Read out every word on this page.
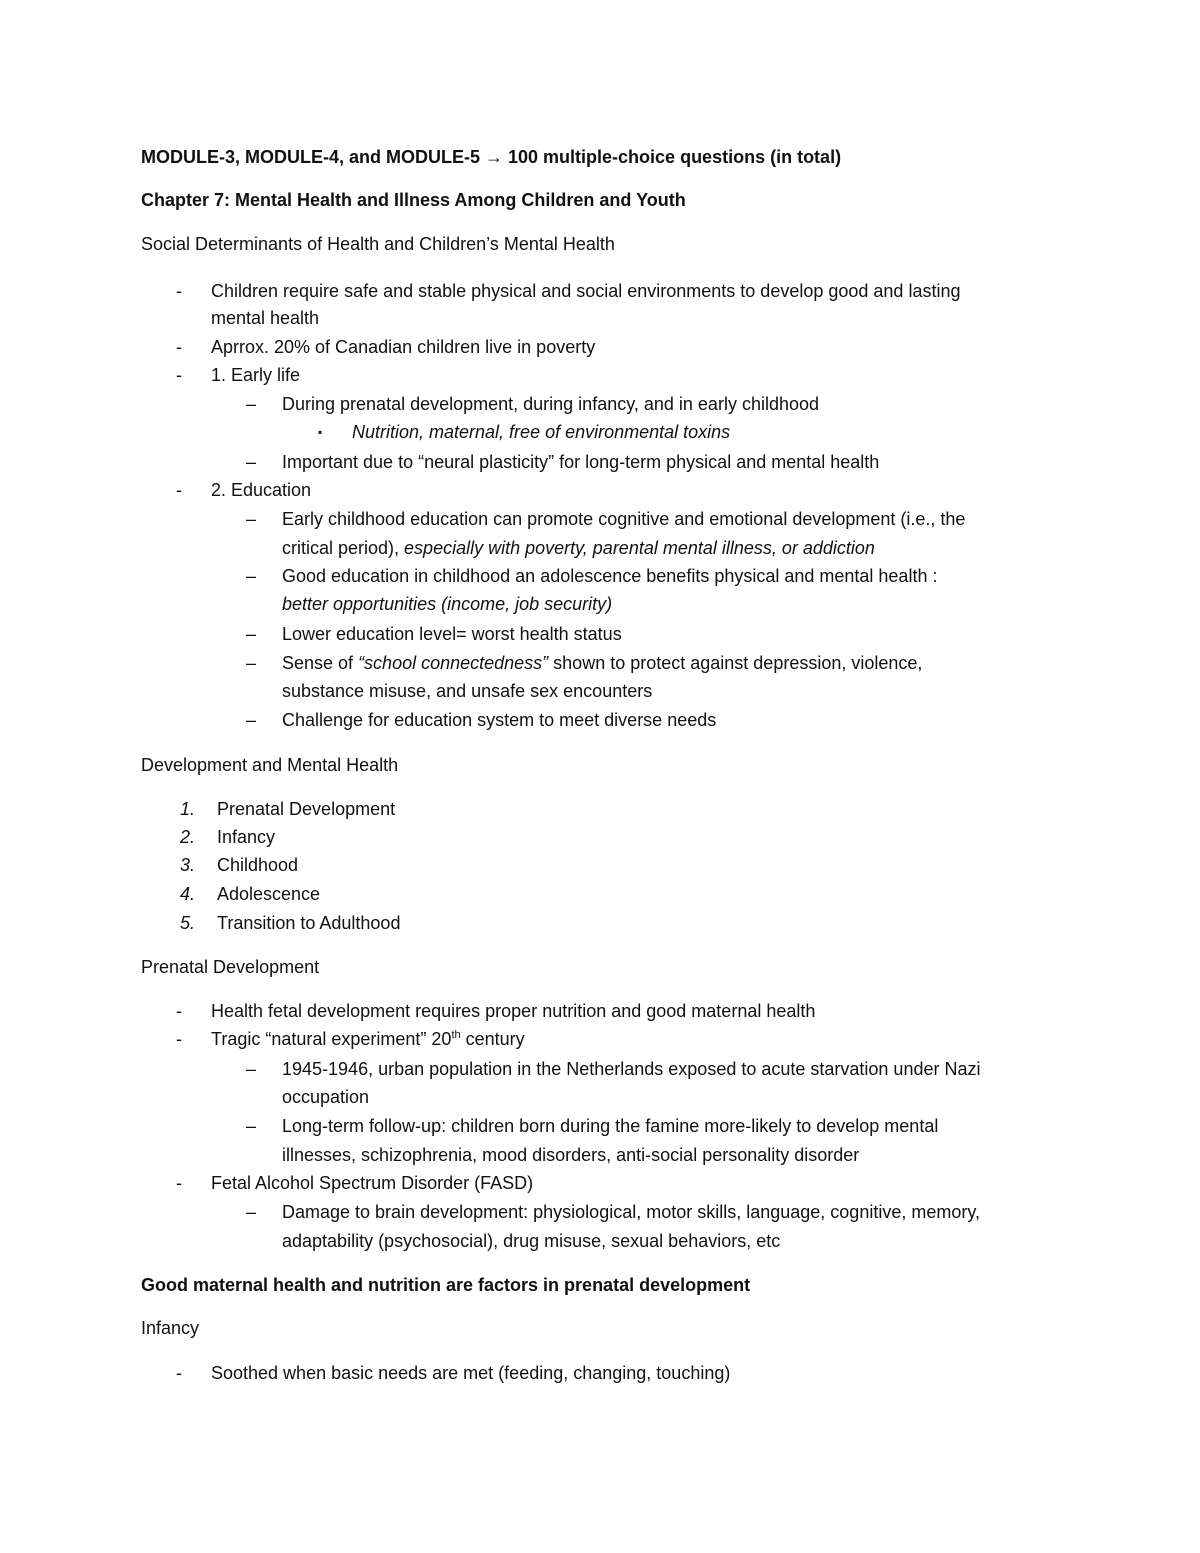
MODULE-3, MODULE-4, and MODULE-5 → 100 multiple-choice questions (in total)
Chapter 7: Mental Health and Illness Among Children and Youth
Social Determinants of Health and Children’s Mental Health
- Children require safe and stable physical and social environments to develop good and lasting
mental health
- Aprrox. 20% of Canadian children live in poverty
- 1. Early life
– During prenatal development, during infancy, and in early childhood
▪ Nutrition, maternal, free of environmental toxins
– Important due to “neural plasticity” for long-term physical and mental health
- 2. Education
– Early childhood education can promote cognitive and emotional development (i.e., the
critical period), especially with poverty, parental mental illness, or addiction
– Good education in childhood an adolescence benefits physical and mental health :
better opportunities (income, job security)
– Lower education level= worst health status
– Sense of “school connectedness” shown to protect against depression, violence,
substance misuse, and unsafe sex encounters
– Challenge for education system to meet diverse needs
Development and Mental Health
1. Prenatal Development
2. Infancy
3. Childhood
4. Adolescence
5. Transition to Adulthood
Prenatal Development
- Health fetal development requires proper nutrition and good maternal health
- Tragic “natural experiment” 20th century
– 1945-1946, urban population in the Netherlands exposed to acute starvation under Nazi
occupation
– Long-term follow-up: children born during the famine more-likely to develop mental
illnesses, schizophrenia, mood disorders, anti-social personality disorder
- Fetal Alcohol Spectrum Disorder (FASD)
– Damage to brain development: physiological, motor skills, language, cognitive, memory,
adaptability (psychosocial), drug misuse, sexual behaviors, etc
Good maternal health and nutrition are factors in prenatal development
Infancy
- Soothed when basic needs are met (feeding, changing, touching)
